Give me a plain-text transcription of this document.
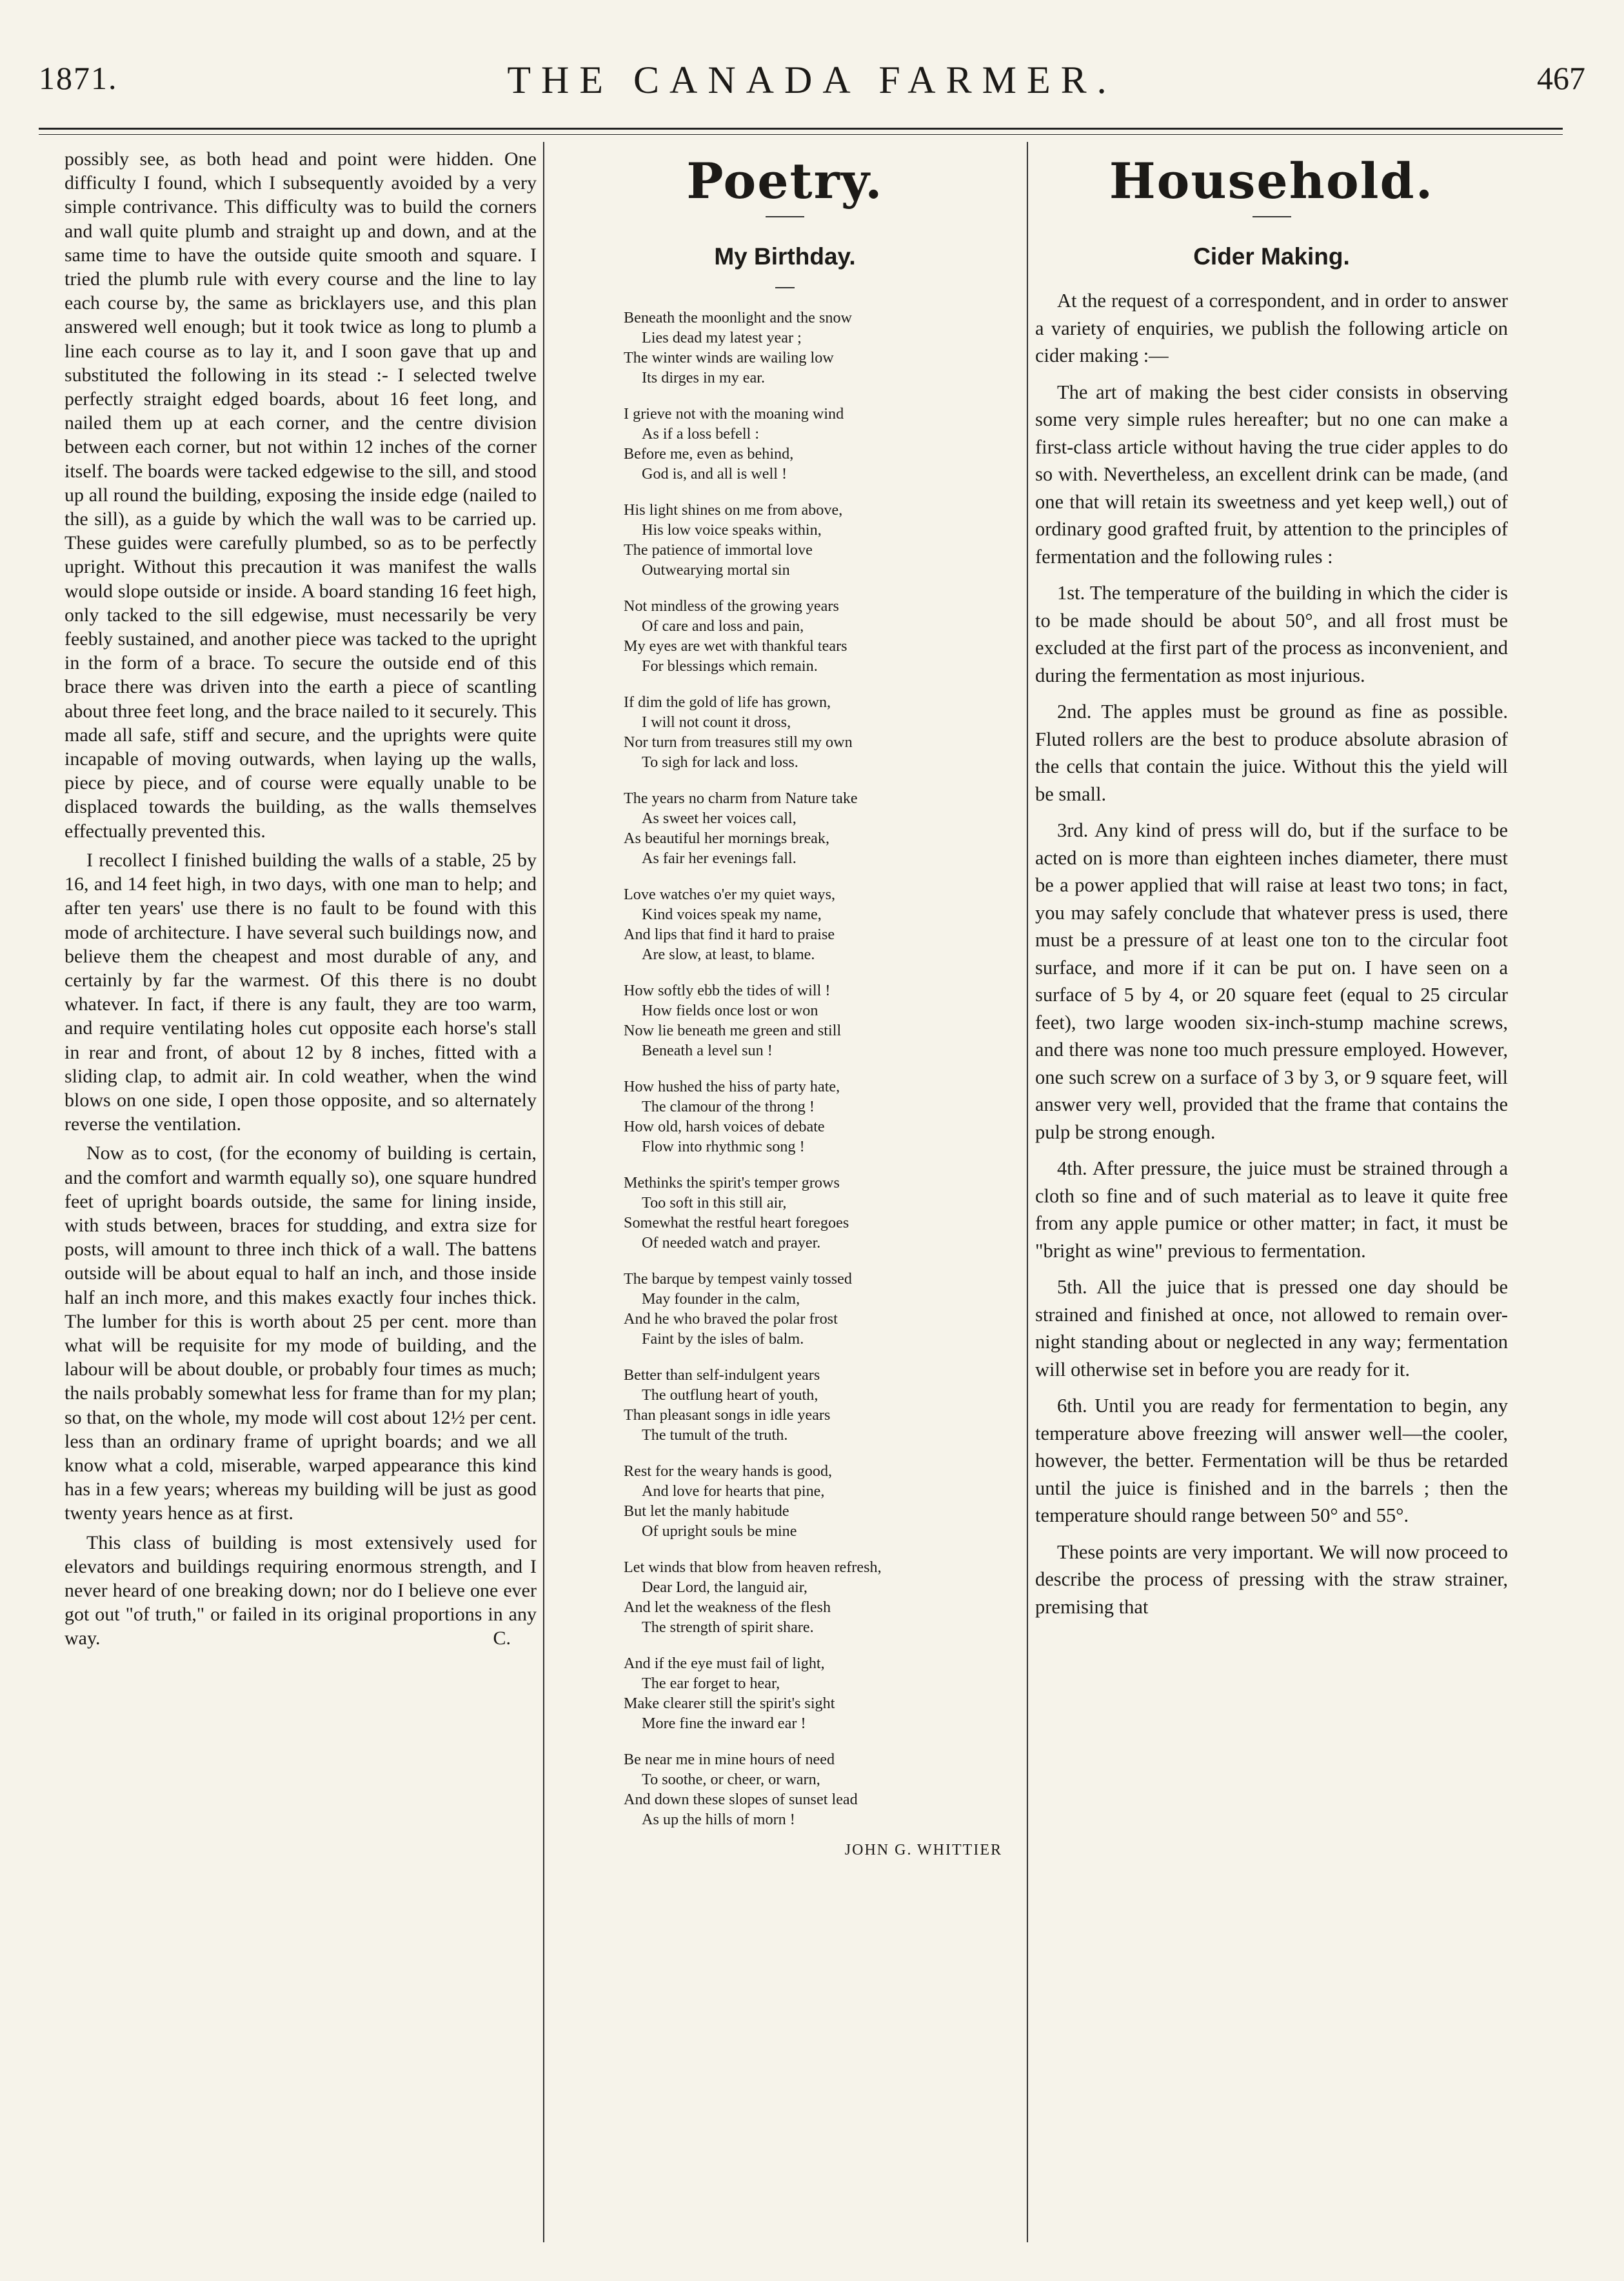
1871.	THE CANADA FARMER.	467

possibly see, as both head and point were hidden. One difficulty I found, which I subsequently avoided by a very simple contrivance. This difficulty was to build the corners and wall quite plumb and straight up and down, and at the same time to have the outside quite smooth and square. I tried the plumb rule with every course and the line to lay each course by, the same as bricklayers use, and this plan answered well enough; but it took twice as long to plumb a line each course as to lay it, and I soon gave that up and substituted the following in its stead :- I selected twelve perfectly straight edged boards, about 16 feet long, and nailed them up at each corner, and the centre division between each corner, but not within 12 inches of the corner itself. The boards were tacked edgewise to the sill, and stood up all round the building, exposing the inside edge (nailed to the sill), as a guide by which the wall was to be carried up. These guides were carefully plumbed, so as to be perfectly upright. Without this precaution it was manifest the walls would slope outside or inside. A board standing 16 feet high, only tacked to the sill edgewise, must necessarily be very feebly sustained, and another piece was tacked to the upright in the form of a brace. To secure the outside end of this brace there was driven into the earth a piece of scantling about three feet long, and the brace nailed to it securely. This made all safe, stiff and secure, and the uprights were quite incapable of moving outwards, when laying up the walls, piece by piece, and of course were equally unable to be displaced towards the building, as the walls themselves effectually prevented this.

I recollect I finished building the walls of a stable, 25 by 16, and 14 feet high, in two days, with one man to help; and after ten years' use there is no fault to be found with this mode of architecture. I have several such buildings now, and believe them the cheapest and most durable of any, and certainly by far the warmest. Of this there is no doubt whatever. In fact, if there is any fault, they are too warm, and require ventilating holes cut opposite each horse's stall in rear and front, of about 12 by 8 inches, fitted with a sliding clap, to admit air. In cold weather, when the wind blows on one side, I open those opposite, and so alternately reverse the ventilation.

Now as to cost, (for the economy of building is certain, and the comfort and warmth equally so), one square hundred feet of upright boards outside, the same for lining inside, with studs between, braces for studding, and extra size for posts, will amount to three inch thick of a wall. The battens outside will be about equal to half an inch, and those inside half an inch more, and this makes exactly four inches thick. The lumber for this is worth about 25 per cent. more than what will be requisite for my mode of building, and the labour will be about double, or probably four times as much; the nails probably somewhat less for frame than for my plan; so that, on the whole, my mode will cost about 12½ per cent. less than an ordinary frame of upright boards; and we all know what a cold, miserable, warped appearance this kind has in a few years; whereas my building will be just as good twenty years hence as at first.

This class of building is most extensively used for elevators and buildings requiring enormous strength, and I never heard of one breaking down; nor do I believe one ever got out "of truth," or failed in its original proportions in any way.	C.
Poetry.
My Birthday.
Beneath the moonlight and the snow
Lies dead my latest year ;
The winter winds are wailing low
Its dirges in my ear.
I grieve not with the moaning wind
As if a loss befell :
Before me, even as behind,
God is, and all is well !
His light shines on me from above,
His low voice speaks within,
The patience of immortal love
Outwearying mortal sin
Not mindless of the growing years
Of care and loss and pain,
My eyes are wet with thankful tears
For blessings which remain.
If dim the gold of life has grown,
I will not count it dross,
Nor turn from treasures still my own
To sigh for lack and loss.
The years no charm from Nature take
As sweet her voices call,
As beautiful her mornings break,
As fair her evenings fall.
Love watches o'er my quiet ways,
Kind voices speak my name,
And lips that find it hard to praise
Are slow, at least, to blame.
How softly ebb the tides of will !
How fields once lost or won
Now lie beneath me green and still
Beneath a level sun !
How hushed the hiss of party hate,
The clamour of the throng !
How old, harsh voices of debate
Flow into rhythmic song !
Methinks the spirit's temper grows
Too soft in this still air,
Somewhat the restful heart foregoes
Of needed watch and prayer.
The barque by tempest vainly tossed
May founder in the calm,
And he who braved the polar frost
Faint by the isles of balm.
Better than self-indulgent years
The outflung heart of youth,
Than pleasant songs in idle years
The tumult of the truth.
Rest for the weary hands is good,
And love for hearts that pine,
But let the manly habitude
Of upright souls be mine
Let winds that blow from heaven refresh,
Dear Lord, the languid air,
And let the weakness of the flesh
The strength of spirit share.
And if the eye must fail of light,
The ear forget to hear,
Make clearer still the spirit's sight
More fine the inward ear !
Be near me in mine hours of need
To soothe, or cheer, or warn,
And down these slopes of sunset lead
As up the hills of morn !
JOHN G. WHITTIER
Household.
Cider Making.

At the request of a correspondent, and in order to answer a variety of enquiries, we publish the following article on cider making :—

The art of making the best cider consists in observing some very simple rules hereafter; but no one can make a first-class article without having the true cider apples to do so with. Nevertheless, an excellent drink can be made, (and one that will retain its sweetness and yet keep well,) out of ordinary good grafted fruit, by attention to the principles of fermentation and the following rules :

1st. The temperature of the building in which the cider is to be made should be about 50°, and all frost must be excluded at the first part of the process as inconvenient, and during the fermentation as most injurious.

2nd. The apples must be ground as fine as possible. Fluted rollers are the best to produce absolute abrasion of the cells that contain the juice. Without this the yield will be small.

3rd. Any kind of press will do, but if the surface to be acted on is more than eighteen inches diameter, there must be a power applied that will raise at least two tons; in fact, you may safely conclude that whatever press is used, there must be a pressure of at least one ton to the circular foot surface, and more if it can be put on. I have seen on a surface of 5 by 4, or 20 square feet (equal to 25 circular feet), two large wooden six-inch-stump machine screws, and there was none too much pressure employed. However, one such screw on a surface of 3 by 3, or 9 square feet, will answer very well, provided that the frame that contains the pulp be strong enough.

4th. After pressure, the juice must be strained through a cloth so fine and of such material as to leave it quite free from any apple pumice or other matter; in fact, it must be "bright as wine" previous to fermentation.

5th. All the juice that is pressed one day should be strained and finished at once, not allowed to remain over-night standing about or neglected in any way; fermentation will otherwise set in before you are ready for it.

6th. Until you are ready for fermentation to begin, any temperature above freezing will answer well—the cooler, however, the better. Fermentation will be thus be retarded until the juice is finished and in the barrels ; then the temperature should range between 50° and 55°.

These points are very important. We will now proceed to describe the process of pressing with the straw strainer, premising that
